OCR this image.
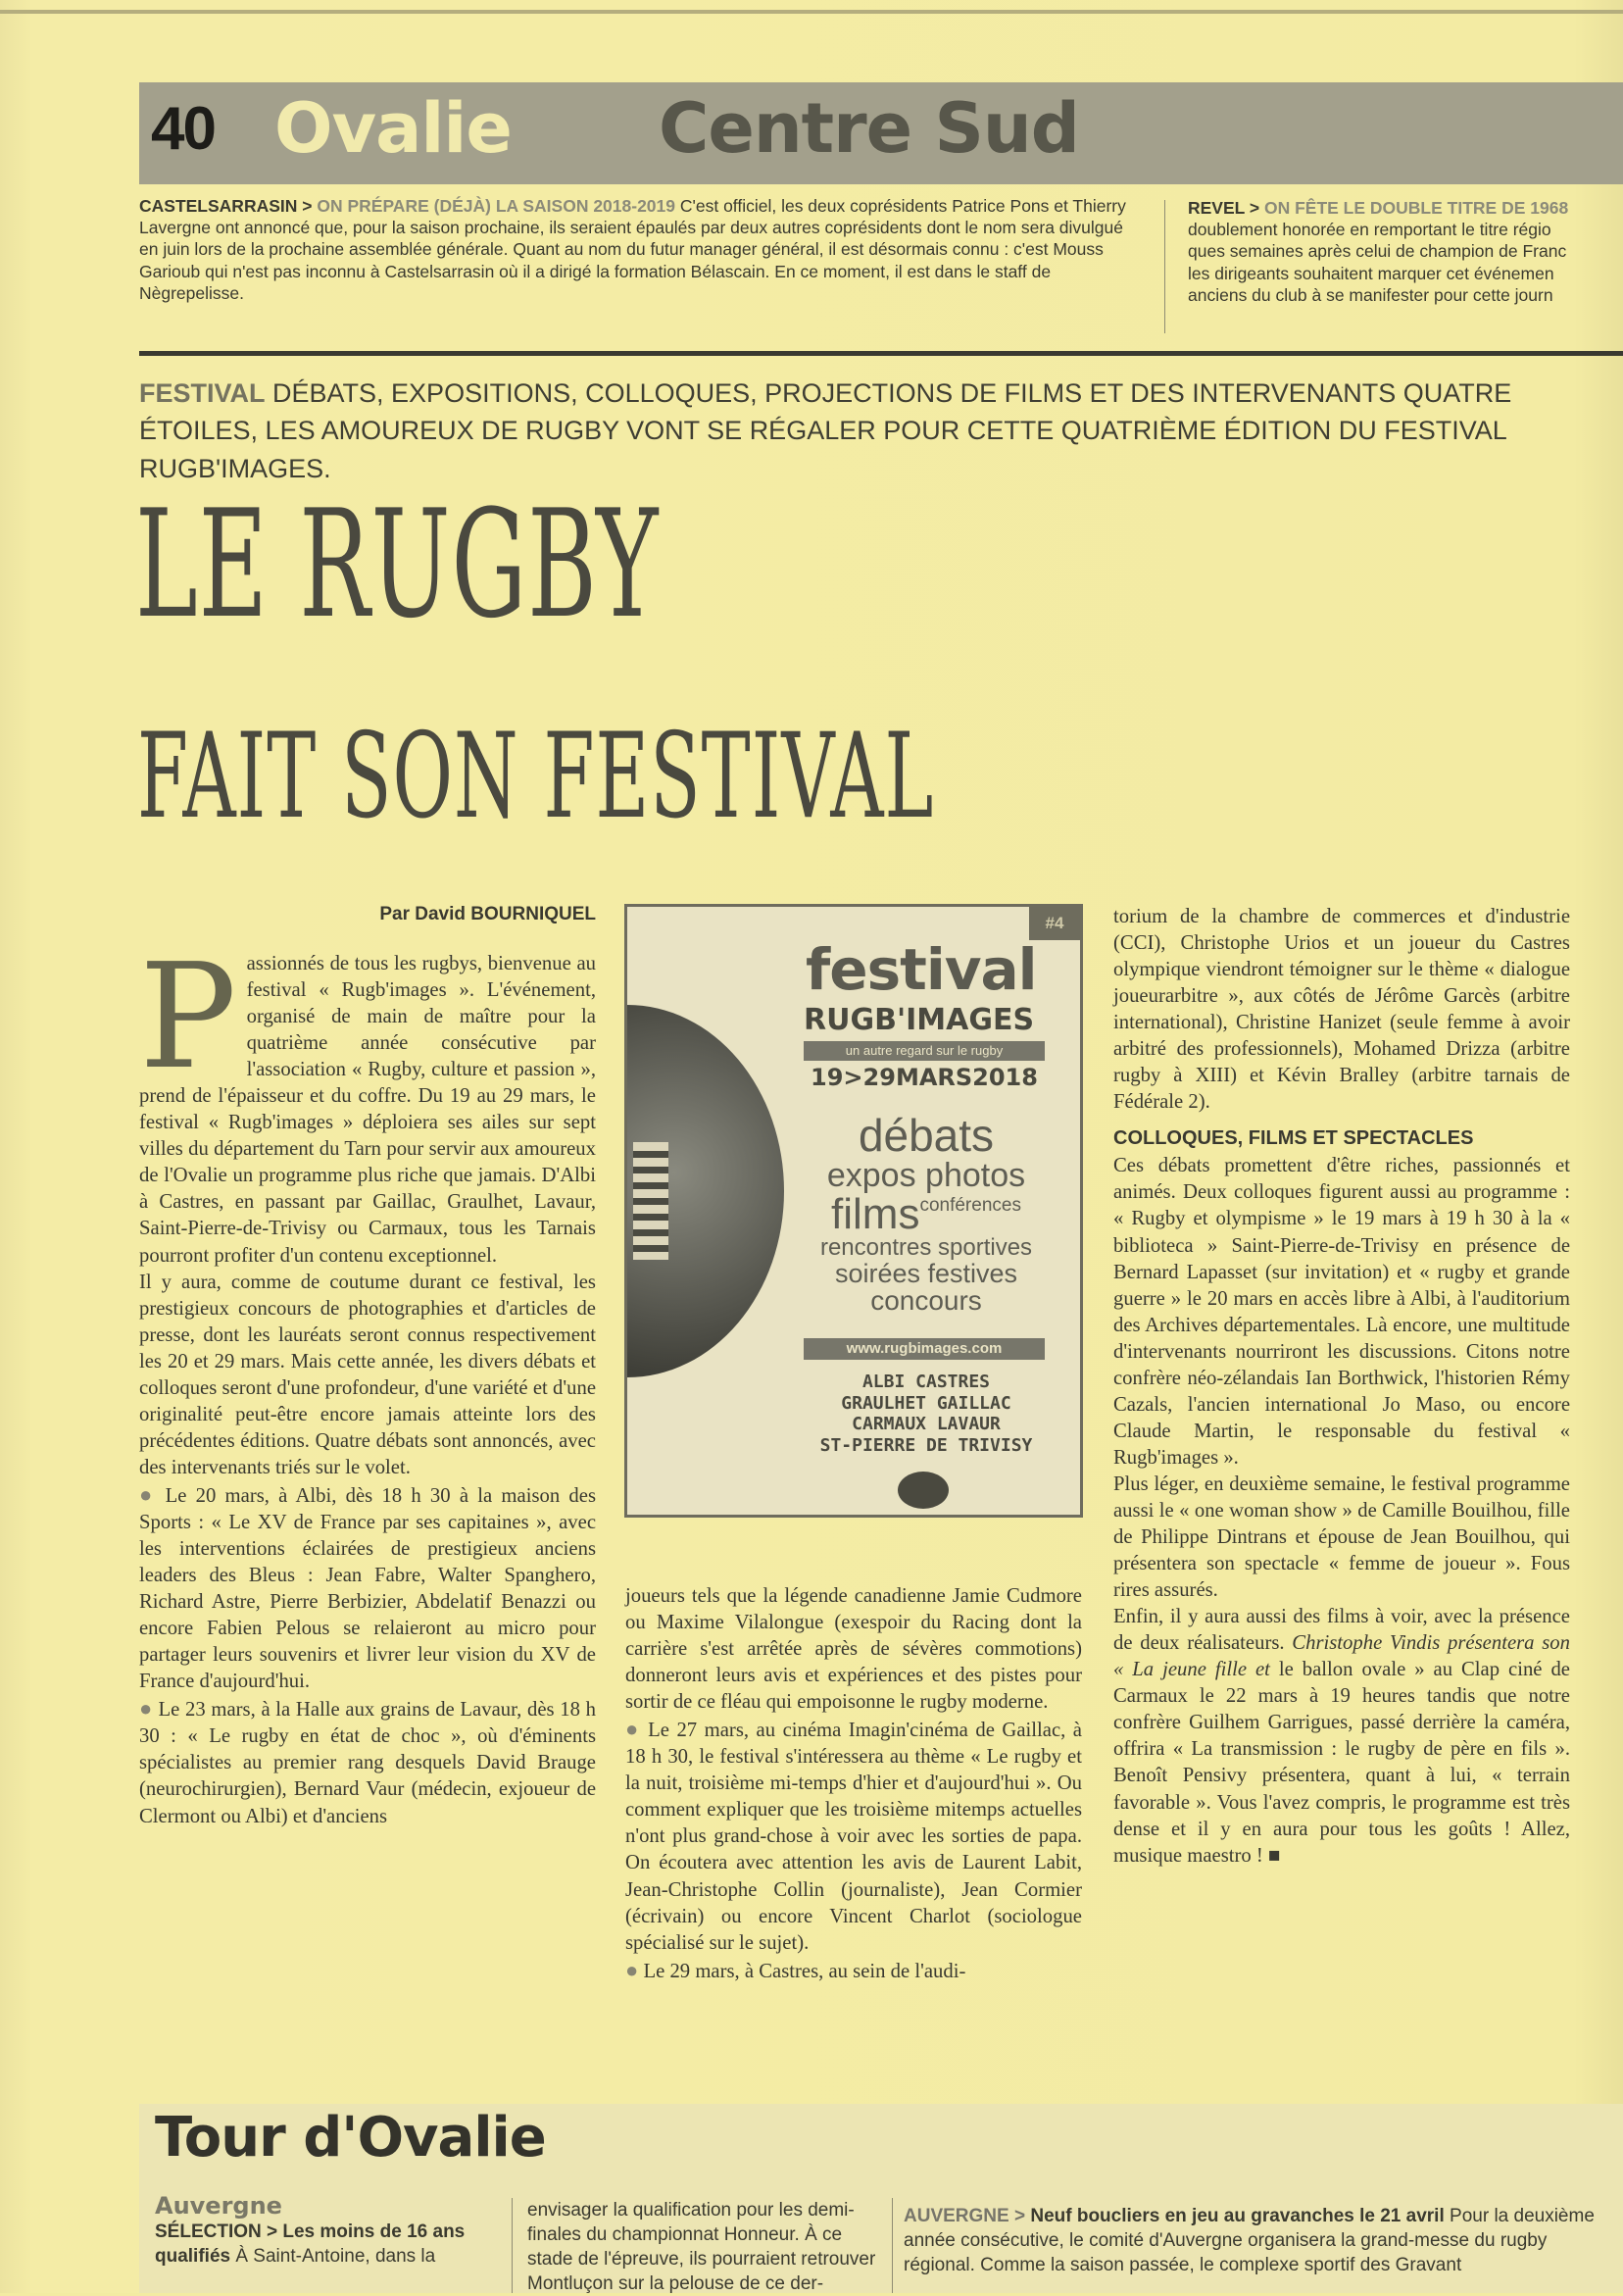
40 Ovalie Centre Sud
CASTELSARRASIN > ON PRÉPARE (DÉJÀ) LA SAISON 2018-2019 C'est officiel, les deux coprésidents Patrice Pons et Thierry Lavergne ont annoncé que, pour la saison prochaine, ils seraient épaulés par deux autres coprésidents dont le nom sera divulgué en juin lors de la prochaine assemblée générale. Quant au nom du futur manager général, il est désormais connu : c'est Mouss Garioub qui n'est pas inconnu à Castelsarrasin où il a dirigé la formation Bélascain. En ce moment, il est dans le staff de Nègrepelisse.
REVEL > ON FÊTE LE DOUBLE TITRE DE 1968
doublement honorée en remportant le titre régio
ques semaines après celui de champion de Franc
les dirigeants souhaitent marquer cet événemen
anciens du club à se manifester pour cette journ
FESTIVAL DÉBATS, EXPOSITIONS, COLLOQUES, PROJECTIONS DE FILMS ET DES INTERVENANTS QUATRE ÉTOILES, LES AMOUREUX DE RUGBY VONT SE RÉGALER POUR CETTE QUATRIÈME ÉDITION DU FESTIVAL RUGB'IMAGES.
LE RUGBY
FAIT SON FESTIVAL
Par David BOURNIQUEL

Passionnés de tous les rugbys, bienvenue au festival « Rugb'images ». L'événement, organisé de main de maître pour la quatrième année consécutive par l'association « Rugby, culture et passion », prend de l'épaisseur et du coffre. Du 19 au 29 mars, le festival « Rugb'images » déploiera ses ailes sur sept villes du département du Tarn pour servir aux amoureux de l'Ovalie un programme plus riche que jamais. D'Albi à Castres, en passant par Gaillac, Graulhet, Lavaur, Saint-Pierre-de-Trivisy ou Carmaux, tous les Tarnais pourront profiter d'un contenu exceptionnel.

Il y aura, comme de coutume durant ce festival, les prestigieux concours de photographies et d'articles de presse, dont les lauréats seront connus respectivement les 20 et 29 mars. Mais cette année, les divers débats et colloques seront d'une profondeur, d'une variété et d'une originalité peut-être encore jamais atteinte lors des précédentes éditions. Quatre débats sont annoncés, avec des intervenants triés sur le volet.

● Le 20 mars, à Albi, dès 18 h 30 à la maison des Sports : « Le XV de France par ses capitaines », avec les interventions éclairées de prestigieux anciens leaders des Bleus : Jean Fabre, Walter Spanghero, Richard Astre, Pierre Berbizier, Abdelatif Benazzi ou encore Fabien Pelous se relaieront au micro pour partager leurs souvenirs et livrer leur vision du XV de France d'aujourd'hui.

● Le 23 mars, à la Halle aux grains de Lavaur, dès 18 h 30 : « Le rugby en état de choc », où d'éminents spécialistes au premier rang desquels David Brauge (neurochirurgien), Bernard Vaur (médecin, exjoueur de Clermont ou Albi) et d'anciens

#4
festival
RUGB'IMAGES
un autre regard sur le rugby
19>29MARS2018
débats
expos photos
filmsconférences
rencontres sportives
soirées festives
concours
www.rugbimages.com
ALBI CASTRES
GRAULHET GAILLAC
CARMAUX LAVAUR
ST-PIERRE DE TRIVISY

joueurs tels que la légende canadienne Jamie Cudmore ou Maxime Vilalongue (exespoir du Racing dont la carrière s'est arrêtée après de sévères commotions) donneront leurs avis et expériences et des pistes pour sortir de ce fléau qui empoisonne le rugby moderne.

● Le 27 mars, au cinéma Imagin'cinéma de Gaillac, à 18 h 30, le festival s'intéressera au thème « Le rugby et la nuit, troisième mi-temps d'hier et d'aujourd'hui ». Ou comment expliquer que les troisième mitemps actuelles n'ont plus grand-chose à voir avec les sorties de papa. On écoutera avec attention les avis de Laurent Labit, Jean-Christophe Collin (journaliste), Jean Cormier (écrivain) ou encore Vincent Charlot (sociologue spécialisé sur le sujet).

● Le 29 mars, à Castres, au sein de l'audi-

torium de la chambre de commerces et d'industrie (CCI), Christophe Urios et un joueur du Castres olympique viendront témoigner sur le thème « dialogue joueurarbitre », aux côtés de Jérôme Garcès (arbitre international), Christine Hanizet (seule femme à avoir arbitré des professionnels), Mohamed Drizza (arbitre rugby à XIII) et Kévin Bralley (arbitre tarnais de Fédérale 2).

COLLOQUES, FILMS ET SPECTACLES

Ces débats promettent d'être riches, passionnés et animés. Deux colloques figurent aussi au programme : « Rugby et olympisme » le 19 mars à 19 h 30 à la « biblioteca » Saint-Pierre-de-Trivisy en présence de Bernard Lapasset (sur invitation) et « rugby et grande guerre » le 20 mars en accès libre à Albi, à l'auditorium des Archives départementales. Là encore, une multitude d'intervenants nourriront les discussions. Citons notre confrère néo-zélandais Ian Borthwick, l'historien Rémy Cazals, l'ancien international Jo Maso, ou encore Claude Martin, le responsable du festival « Rugb'images ».

Plus léger, en deuxième semaine, le festival programme aussi le « one woman show » de Camille Bouilhou, fille de Philippe Dintrans et épouse de Jean Bouilhou, qui présentera son spectacle « femme de joueur ». Fous rires assurés.

Enfin, il y aura aussi des films à voir, avec la présence de deux réalisateurs. Christophe Vindis présentera son « La jeune fille et le ballon ovale » au Clap ciné de Carmaux le 22 mars à 19 heures tandis que notre confrère Guilhem Garrigues, passé derrière la caméra, offrira « La transmission : le rugby de père en fils ». Benoît Pensivy présentera, quant à lui, « terrain favorable ». Vous l'avez compris, le programme est très dense et il y en aura pour tous les goûts ! Allez, musique maestro ! ■

Tour d'Ovalie
Auvergne
SÉLECTION > Les moins de 16 ans qualifiés À Saint-Antoine, dans la
envisager la qualification pour les demi-finales du championnat Honneur. À ce stade de l'épreuve, ils pourraient retrouver Montluçon sur la pelouse de ce der-
AUVERGNE > Neuf boucliers en jeu au gravanches le 21 avril Pour la deuxième année consécutive, le comité d'Auvergne organisera la grand-messe du rugby régional. Comme la saison passée, le complexe sportif des Gravant
